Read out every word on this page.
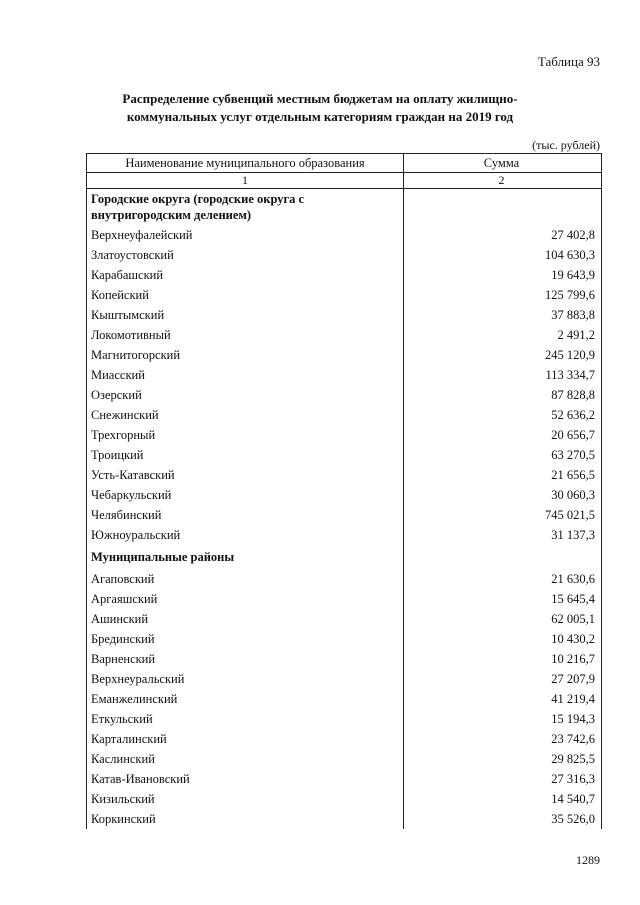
Таблица 93
Распределение субвенций местным бюджетам на оплату жилищно-
коммунальных услуг отдельным категориям граждан на 2019 год
(тыс. рублей)
Наименование муниципального образования	Сумма
1	2
Городские округа (городские округа с внутригородским делением)	
Верхнеуфалейский	27 402,8
Златоустовский	104 630,3
Карабашский	19 643,9
Копейский	125 799,6
Кыштымский	37 883,8
Локомотивный	2 491,2
Магнитогорский	245 120,9
Миасский	113 334,7
Озерский	87 828,8
Снежинский	52 636,2
Трехгорный	20 656,7
Троицкий	63 270,5
Усть-Катавский	21 656,5
Чебаркульский	30 060,3
Челябинский	745 021,5
Южноуральский	31 137,3
Муниципальные районы	
Агаповский	21 630,6
Аргаяшский	15 645,4
Ашинский	62 005,1
Брединский	10 430,2
Варненский	10 216,7
Верхнеуральский	27 207,9
Еманжелинский	41 219,4
Еткульский	15 194,3
Карталинский	23 742,6
Каслинский	29 825,5
Катав-Ивановский	27 316,3
Кизильский	14 540,7
Коркинский	35 526,0
1289
